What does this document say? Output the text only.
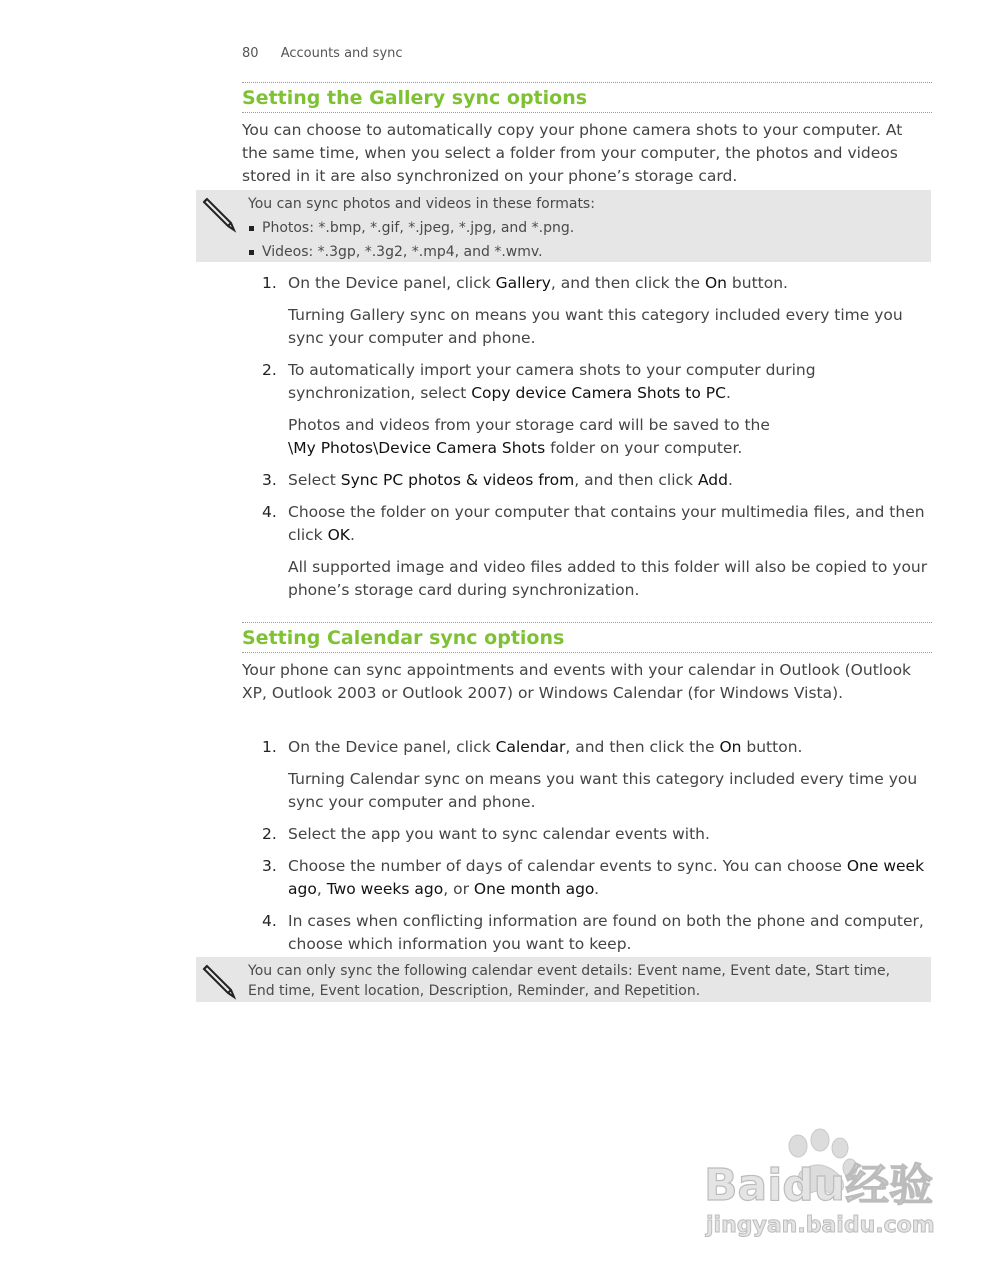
80 Accounts and sync
Setting the Gallery sync options

You can choose to automatically copy your phone camera shots to your computer. At the same time, when you select a folder from your computer, the photos and videos stored in it are also synchronized on your phone’s storage card.

You can sync photos and videos in these formats:
Photos: *.bmp, *.gif, *.jpeg, *.jpg, and *.png.
Videos: *.3gp, *.3g2, *.mp4, and *.wmv.
1. On the Device panel, click Gallery, and then click the On button.
Turning Gallery sync on means you want this category included every time you sync your computer and phone.
2. To automatically import your camera shots to your computer during synchronization, select Copy device Camera Shots to PC.
Photos and videos from your storage card will be saved to the
\My Photos\Device Camera Shots folder on your computer.
3. Select Sync PC photos & videos from, and then click Add.
4. Choose the folder on your computer that contains your multimedia files, and then click OK.
All supported image and video files added to this folder will also be copied to your phone’s storage card during synchronization.
Setting Calendar sync options

Your phone can sync appointments and events with your calendar in Outlook (Outlook XP, Outlook 2003 or Outlook 2007) or Windows Calendar (for Windows Vista).

1. On the Device panel, click Calendar, and then click the On button.
Turning Calendar sync on means you want this category included every time you sync your computer and phone.
2. Select the app you want to sync calendar events with.
3. Choose the number of days of calendar events to sync. You can choose One week ago, Two weeks ago, or One month ago.
4. In cases when conflicting information are found on both the phone and computer, choose which information you want to keep.
You can only sync the following calendar event details: Event name, Event date, Start time, End time, Event location, Description, Reminder, and Repetition.
Baidu经验
jingyan.baidu.com
